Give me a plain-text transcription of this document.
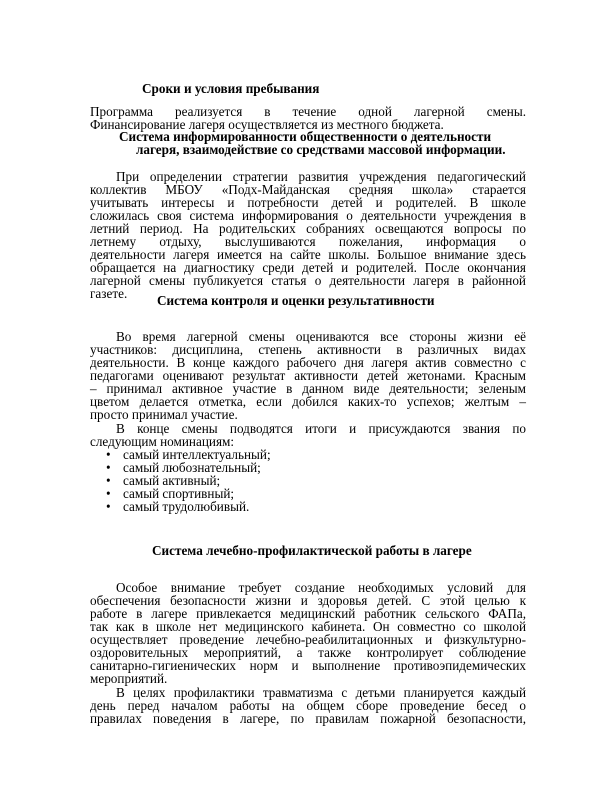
Сроки и условия пребывания
Программа реализуется в течение одной лагерной смены.
Финансирование лагеря осуществляется из местного бюджета.
Система информированности общественности о деятельности
лагеря, взаимодействие со средствами массовой информации.
При определении стратегии развития учреждения педагогический
коллектив МБОУ «Подх-Майданская средняя школа» старается
учитывать интересы и потребности детей и родителей. В школе
сложилась своя система информирования о деятельности учреждения в
летний период. На родительских собраниях освещаются вопросы по
летнему отдыху, выслушиваются пожелания, информация о
деятельности лагеря имеется на сайте школы. Большое внимание здесь
обращается на диагностику среди детей и родителей. После окончания
лагерной смены публикуется статья о деятельности лагеря в районной
газете.	Система контроля и оценки результативности
Во время лагерной смены оцениваются все стороны жизни её
участников: дисциплина, степень активности в различных видах
деятельности. В конце каждого рабочего дня лагеря актив совместно с
педагогами оценивают результат активности детей жетонами. Красным
– принимал активное участие в данном виде деятельности; зеленым
цветом делается отметка, если добился каких-то успехов; желтым –
просто принимал участие.
В конце смены подводятся итоги и присуждаются звания по
следующим номинациям:
• самый интеллектуальный;
• самый любознательный;
• самый активный;
• самый спортивный;
• самый трудолюбивый.
Система лечебно-профилактической работы в лагере
Особое внимание требует создание необходимых условий для
обеспечения безопасности жизни и здоровья детей. С этой целью к
работе в лагере привлекается медицинский работник сельского ФАПа,
так как в школе нет медицинского кабинета. Он совместно со школой
осуществляет проведение лечебно-реабилитационных и физкультурно-
оздоровительных мероприятий, а также контролирует соблюдение
санитарно-гигиенических норм и выполнение противоэпидемических
мероприятий.
В целях профилактики травматизма с детьми планируется каждый
день перед началом работы на общем сборе проведение бесед о
правилах поведения в лагере, по правилам пожарной безопасности,
